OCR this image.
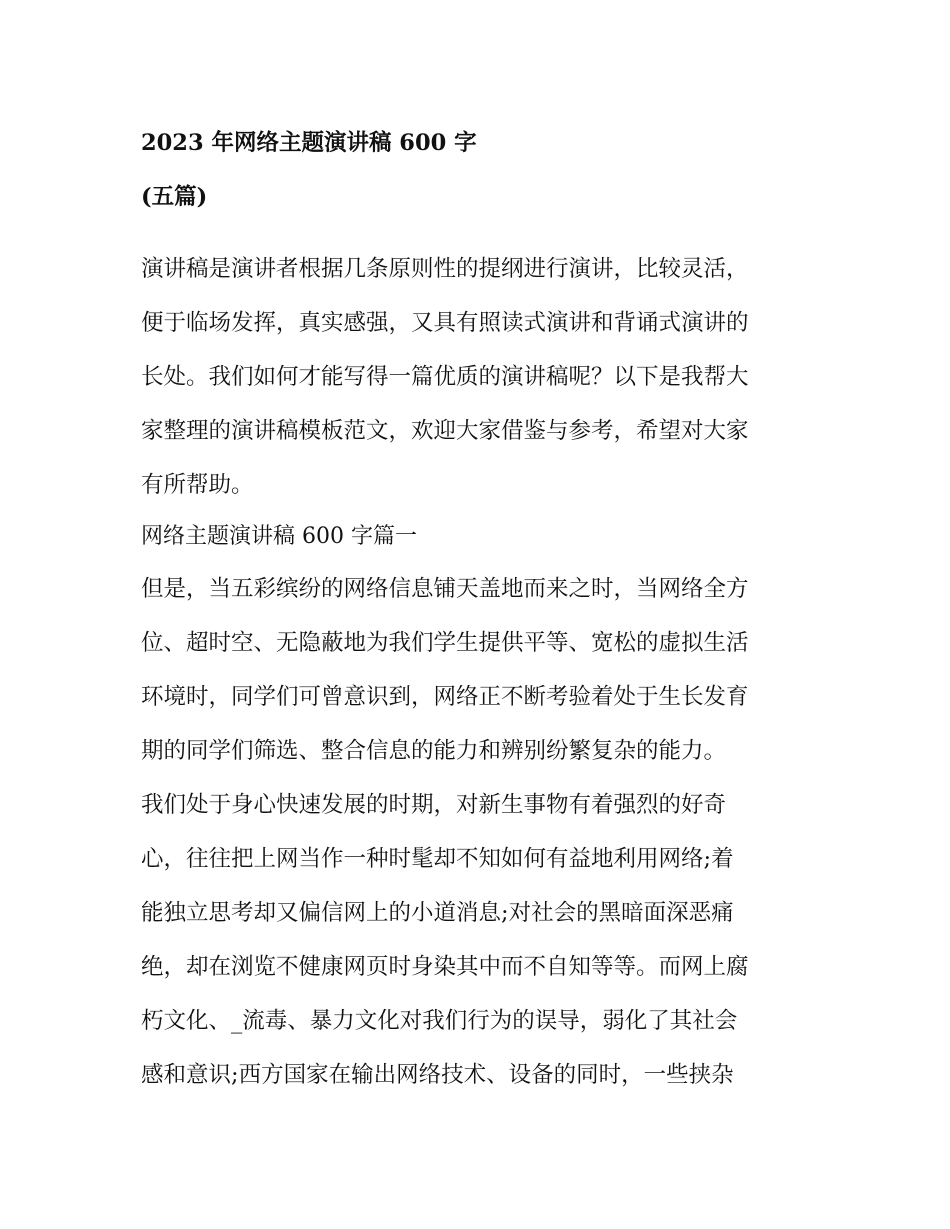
2023 年网络主题演讲稿 600 字
(五篇)
演讲稿是演讲者根据几条原则性的提纲进行演讲，比较灵活，
便于临场发挥，真实感强，又具有照读式演讲和背诵式演讲的
长处。我们如何才能写得一篇优质的演讲稿呢？以下是我帮大
家整理的演讲稿模板范文，欢迎大家借鉴与参考，希望对大家
有所帮助。
网络主题演讲稿 600 字篇一
但是，当五彩缤纷的网络信息铺天盖地而来之时，当网络全方
位、超时空、无隐蔽地为我们学生提供平等、宽松的虚拟生活
环境时，同学们可曾意识到，网络正不断考验着处于生长发育
期的同学们筛选、整合信息的能力和辨别纷繁复杂的能力。
我们处于身心快速发展的时期，对新生事物有着强烈的好奇
心，往往把上网当作一种时髦却不知如何有益地利用网络;着
能独立思考却又偏信网上的小道消息;对社会的黑暗面深恶痛
绝，却在浏览不健康网页时身染其中而不自知等等。而网上腐
朽文化、_流毒、暴力文化对我们行为的误导，弱化了其社会
感和意识;西方国家在输出网络技术、设备的同时，一些挟杂
